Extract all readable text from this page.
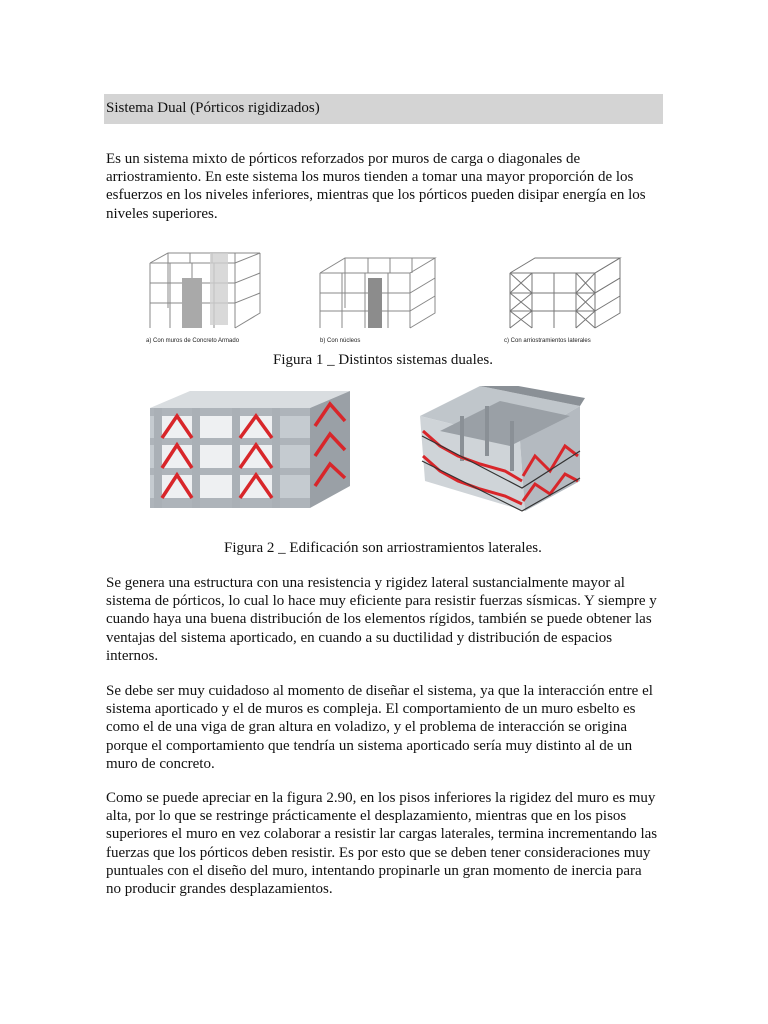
Sistema Dual (Pórticos rigidizados)

Es un sistema mixto de pórticos reforzados por muros de carga o diagonales de
arriostramiento. En este sistema los muros tienden a tomar una mayor proporción de los
esfuerzos en los niveles inferiores, mientras que los pórticos pueden disipar energía en los
niveles superiores.

a) Con muros de Concreto Armado	b) Con núcleos	c) Con arriostramientos laterales
Figura 1 _ Distintos sistemas duales.
Figura 2 _ Edificación son arriostramientos laterales.

Se genera una estructura con una resistencia y rigidez lateral sustancialmente mayor al
sistema de pórticos, lo cual lo hace muy eficiente para resistir fuerzas sísmicas. Y siempre y
cuando haya una buena distribución de los elementos rígidos, también se puede obtener las
ventajas del sistema aporticado, en cuando a su ductilidad y distribución de espacios
internos.

Se debe ser muy cuidadoso al momento de diseñar el sistema, ya que la interacción entre el
sistema aporticado y el de muros es compleja. El comportamiento de un muro esbelto es
como el de una viga de gran altura en voladizo, y el problema de interacción se origina
porque el comportamiento que tendría un sistema aporticado sería muy distinto al de un
muro de concreto.

Como se puede apreciar en la figura 2.90, en los pisos inferiores la rigidez del muro es muy
alta, por lo que se restringe prácticamente el desplazamiento, mientras que en los pisos
superiores el muro en vez colaborar a resistir lar cargas laterales, termina incrementando las
fuerzas que los pórticos deben resistir. Es por esto que se deben tener consideraciones muy
puntuales con el diseño del muro, intentando propinarle un gran momento de inercia para
no producir grandes desplazamientos.
